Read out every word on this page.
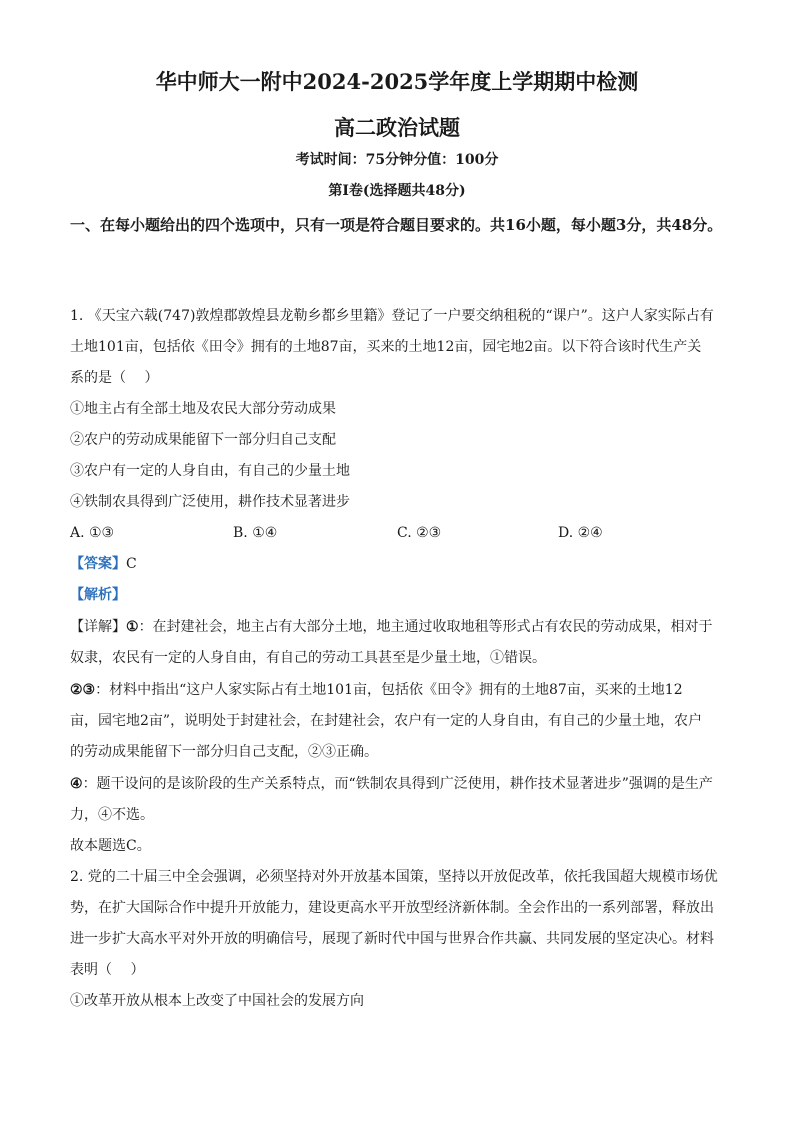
华中师大一附中2024-2025学年度上学期期中检测
高二政治试题
考试时间：75分钟分值：100分
第I卷(选择题共48分)
一、在每小题给出的四个选项中，只有一项是符合题目要求的。共16小题，每小题3分，共48分。
1. 《天宝六载(747)敦煌郡敦煌县龙勒乡都乡里籍》登记了一户要交纳租税的“课户”。这户人家实际占有
土地101亩，包括依《田令》拥有的土地87亩，买来的土地12亩，园宅地2亩。以下符合该时代生产关
系的是（　 ）
①地主占有全部土地及农民大部分劳动成果
②农户的劳动成果能留下一部分归自己支配
③农户有一定的人身自由，有自己的少量土地
④铁制农具得到广泛使用，耕作技术显著进步
A. ①③	B. ①④	C. ②③	D. ②④
【答案】C
【解析】
【详解】①：在封建社会，地主占有大部分土地，地主通过收取地租等形式占有农民的劳动成果，相对于
奴隶，农民有一定的人身自由，有自己的劳动工具甚至是少量土地，①错误。
②③：材料中指出“这户人家实际占有土地101亩，包括依《田令》拥有的土地87亩，买来的土地12
亩，园宅地2亩”，说明处于封建社会，在封建社会，农户有一定的人身自由，有自己的少量土地，农户
的劳动成果能留下一部分归自己支配，②③正确。
④：题干设问的是该阶段的生产关系特点，而“铁制农具得到广泛使用，耕作技术显著进步”强调的是生产
力，④不选。
故本题选C。
2. 党的二十届三中全会强调，必须坚持对外开放基本国策，坚持以开放促改革，依托我国超大规模市场优
势，在扩大国际合作中提升开放能力，建设更高水平开放型经济新体制。全会作出的一系列部署，释放出
进一步扩大高水平对外开放的明确信号，展现了新时代中国与世界合作共赢、共同发展的坚定决心。材料
表明（　 ）
①改革开放从根本上改变了中国社会的发展方向
